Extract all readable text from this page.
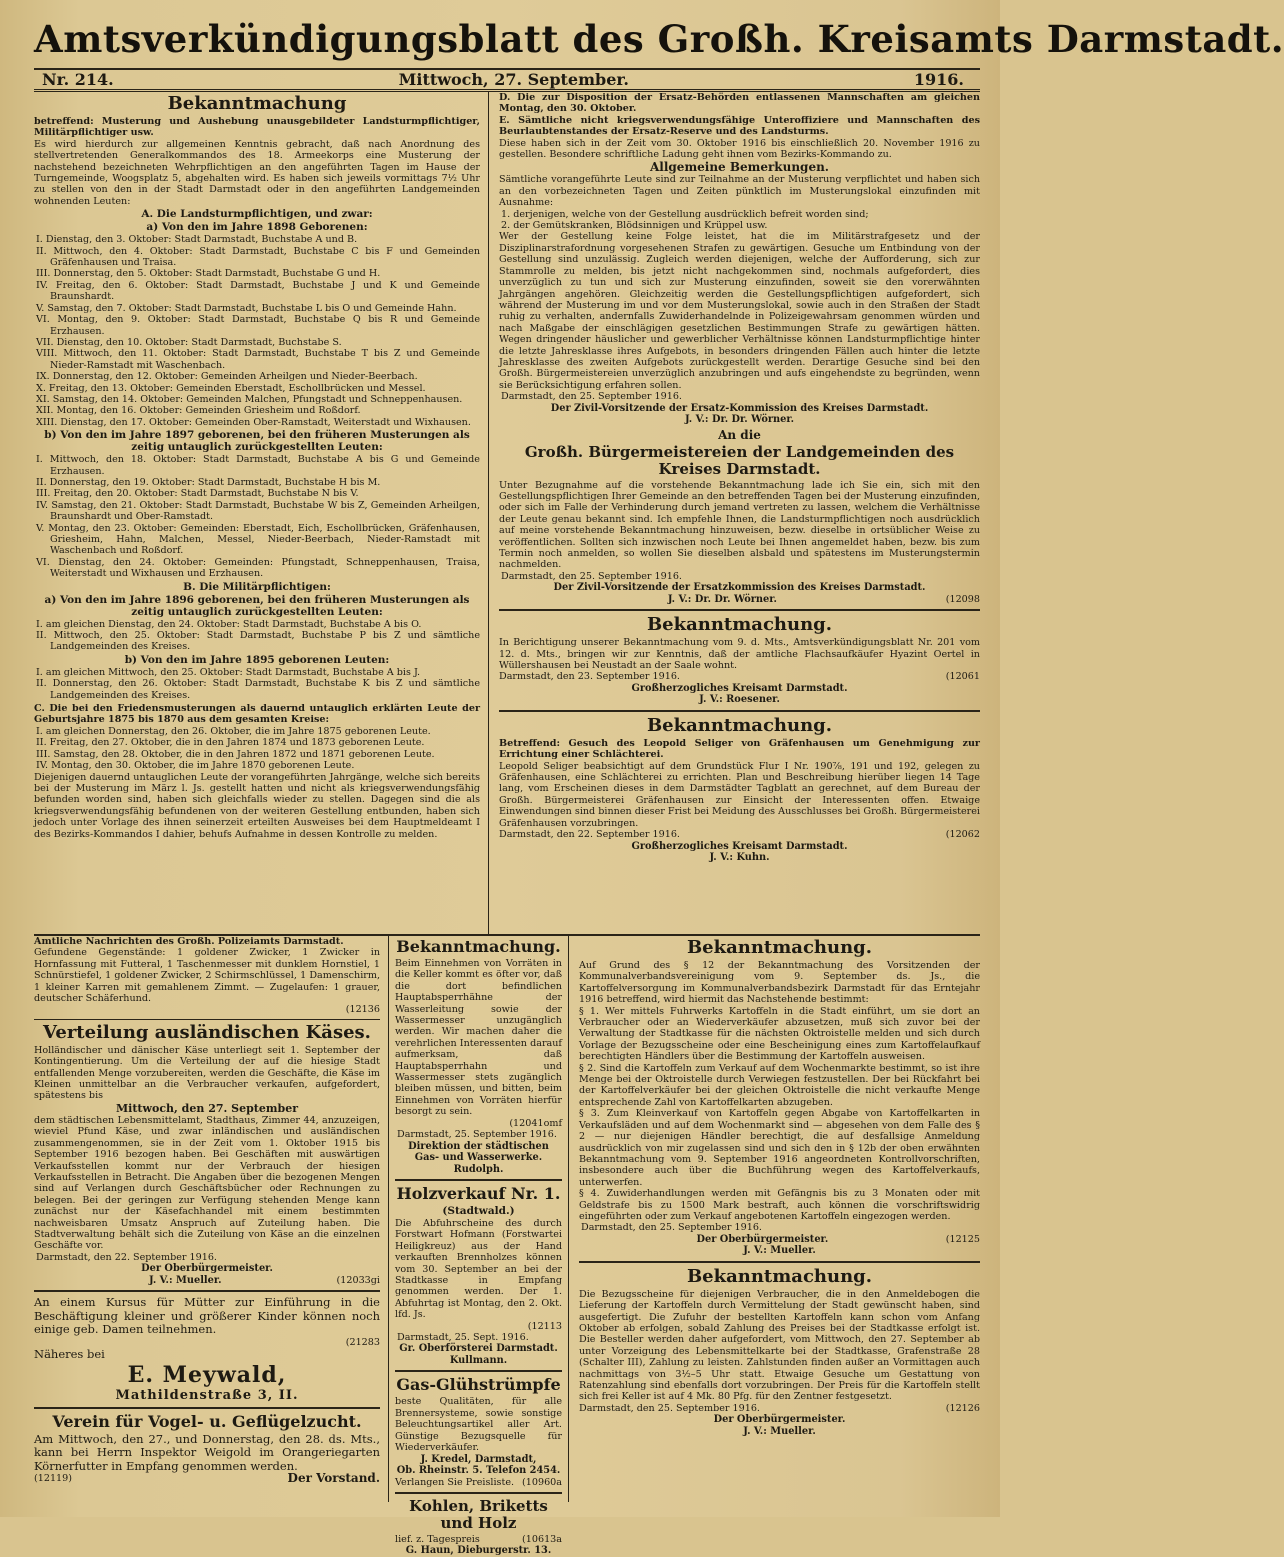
Amtsverkündigungsblatt des Großh. Kreisamts Darmstadt.
Nr. 214.	Mittwoch, 27. September.	1916.
Bekanntmachung

betreffend: Musterung und Aushebung unausgebildeter Landsturmpflichtiger, Militärpflichtiger usw.

Es wird hierdurch zur allgemeinen Kenntnis gebracht, daß nach Anordnung des stellvertretenden Generalkommandos des 18. Armeekorps eine Musterung der nachstehend bezeichneten Wehrpflichtigen an den angeführten Tagen im Hause der Turngemeinde, Woogsplatz 5, abgehalten wird. Es haben sich jeweils vormittags 7½ Uhr zu stellen von den in der Stadt Darmstadt oder in den angeführten Landgemeinden wohnenden Leuten:

A. Die Landsturmpflichtigen, und zwar:
a) Von den im Jahre 1898 Geborenen:

I. Dienstag, den 3. Oktober: Stadt Darmstadt, Buchstabe A und B.

II. Mittwoch, den 4. Oktober: Stadt Darmstadt, Buchstabe C bis F und Gemeinden Gräfenhausen und Traisa.

III. Donnerstag, den 5. Oktober: Stadt Darmstadt, Buchstabe G und H.

IV. Freitag, den 6. Oktober: Stadt Darmstadt, Buchstabe J und K und Gemeinde Braunshardt.

V. Samstag, den 7. Oktober: Stadt Darmstadt, Buchstabe L bis O und Gemeinde Hahn.

VI. Montag, den 9. Oktober: Stadt Darmstadt, Buchstabe Q bis R und Gemeinde Erzhausen.

VII. Dienstag, den 10. Oktober: Stadt Darmstadt, Buchstabe S.

VIII. Mittwoch, den 11. Oktober: Stadt Darmstadt, Buchstabe T bis Z und Gemeinde Nieder-Ramstadt mit Waschenbach.

IX. Donnerstag, den 12. Oktober: Gemeinden Arheilgen und Nieder-Beerbach.

X. Freitag, den 13. Oktober: Gemeinden Eberstadt, Eschollbrücken und Messel.

XI. Samstag, den 14. Oktober: Gemeinden Malchen, Pfungstadt und Schneppenhausen.

XII. Montag, den 16. Oktober: Gemeinden Griesheim und Roßdorf.

XIII. Dienstag, den 17. Oktober: Gemeinden Ober-Ramstadt, Weiterstadt und Wixhausen.

b) Von den im Jahre 1897 geborenen, bei den früheren Musterungen als zeitig untauglich zurückgestellten Leuten:

I. Mittwoch, den 18. Oktober: Stadt Darmstadt, Buchstabe A bis G und Gemeinde Erzhausen.

II. Donnerstag, den 19. Oktober: Stadt Darmstadt, Buchstabe H bis M.

III. Freitag, den 20. Oktober: Stadt Darmstadt, Buchstabe N bis V.

IV. Samstag, den 21. Oktober: Stadt Darmstadt, Buchstabe W bis Z, Gemeinden Arheilgen, Braunshardt und Ober-Ramstadt.

V. Montag, den 23. Oktober: Gemeinden: Eberstadt, Eich, Eschollbrücken, Gräfenhausen, Griesheim, Hahn, Malchen, Messel, Nieder-Beerbach, Nieder-Ramstadt mit Waschenbach und Roßdorf.

VI. Dienstag, den 24. Oktober: Gemeinden: Pfungstadt, Schneppenhausen, Traisa, Weiterstadt und Wixhausen und Erzhausen.

B. Die Militärpflichtigen:
a) Von den im Jahre 1896 geborenen, bei den früheren Musterungen als zeitig untauglich zurückgestellten Leuten:

I. am gleichen Dienstag, den 24. Oktober: Stadt Darmstadt, Buchstabe A bis O.

II. Mittwoch, den 25. Oktober: Stadt Darmstadt, Buchstabe P bis Z und sämtliche Landgemeinden des Kreises.

b) Von den im Jahre 1895 geborenen Leuten:

I. am gleichen Mittwoch, den 25. Oktober: Stadt Darmstadt, Buchstabe A bis J.

II. Donnerstag, den 26. Oktober: Stadt Darmstadt, Buchstabe K bis Z und sämtliche Landgemeinden des Kreises.

C. Die bei den Friedensmusterungen als dauernd untauglich erklärten Leute der Geburtsjahre 1875 bis 1870 aus dem gesamten Kreise:

I. am gleichen Donnerstag, den 26. Oktober, die im Jahre 1875 geborenen Leute.

II. Freitag, den 27. Oktober, die in den Jahren 1874 und 1873 geborenen Leute.

III. Samstag, den 28. Oktober, die in den Jahren 1872 und 1871 geborenen Leute.

IV. Montag, den 30. Oktober, die im Jahre 1870 geborenen Leute.

Diejenigen dauernd untauglichen Leute der vorangeführten Jahrgänge, welche sich bereits bei der Musterung im März l. Js. gestellt hatten und nicht als kriegsverwendungsfähig befunden worden sind, haben sich gleichfalls wieder zu stellen. Dagegen sind die als kriegsverwendungsfähig befundenen von der weiteren Gestellung entbunden, haben sich jedoch unter Vorlage des ihnen seinerzeit erteilten Ausweises bei dem Hauptmeldeamt I des Bezirks-Kommandos I dahier, behufs Aufnahme in dessen Kontrolle zu melden.

D. Die zur Disposition der Ersatz-Behörden entlassenen Mannschaften am gleichen Montag, den 30. Oktober.

E. Sämtliche nicht kriegsverwendungsfähige Unteroffiziere und Mannschaften des Beurlaubtenstandes der Ersatz-Reserve und des Landsturms.

Diese haben sich in der Zeit vom 30. Oktober 1916 bis einschließlich 20. November 1916 zu gestellen. Besondere schriftliche Ladung geht ihnen vom Bezirks-Kommando zu.

Allgemeine Bemerkungen.

Sämtliche vorangeführte Leute sind zur Teilnahme an der Musterung verpflichtet und haben sich an den vorbezeichneten Tagen und Zeiten pünktlich im Musterungslokal einzufinden mit Ausnahme:

1. derjenigen, welche von der Gestellung ausdrücklich befreit worden sind;

2. der Gemütskranken, Blödsinnigen und Krüppel usw.

Wer der Gestellung keine Folge leistet, hat die im Militärstrafgesetz und der Disziplinarstrafordnung vorgesehenen Strafen zu gewärtigen. Gesuche um Entbindung von der Gestellung sind unzulässig. Zugleich werden diejenigen, welche der Aufforderung, sich zur Stammrolle zu melden, bis jetzt nicht nachgekommen sind, nochmals aufgefordert, dies unverzüglich zu tun und sich zur Musterung einzufinden, soweit sie den vorerwähnten Jahrgängen angehören. Gleichzeitig werden die Gestellungspflichtigen aufgefordert, sich während der Musterung im und vor dem Musterungslokal, sowie auch in den Straßen der Stadt ruhig zu verhalten, andernfalls Zuwiderhandelnde in Polizeigewahrsam genommen würden und nach Maßgabe der einschlägigen gesetzlichen Bestimmungen Strafe zu gewärtigen hätten. Wegen dringender häuslicher und gewerblicher Verhältnisse können Landsturmpflichtige hinter die letzte Jahresklasse ihres Aufgebots, in besonders dringenden Fällen auch hinter die letzte Jahresklasse des zweiten Aufgebots zurückgestellt werden. Derartige Gesuche sind bei den Großh. Bürgermeistereien unverzüglich anzubringen und aufs eingehendste zu begründen, wenn sie Berücksichtigung erfahren sollen.

Darmstadt, den 25. September 1916.

Der Zivil-Vorsitzende der Ersatz-Kommission des Kreises Darmstadt.
J. V.: Dr. Dr. Wörner.
An die
Großh. Bürgermeistereien der Landgemeinden des Kreises Darmstadt.

Unter Bezugnahme auf die vorstehende Bekanntmachung lade ich Sie ein, sich mit den Gestellungspflichtigen Ihrer Gemeinde an den betreffenden Tagen bei der Musterung einzufinden, oder sich im Falle der Verhinderung durch jemand vertreten zu lassen, welchem die Verhältnisse der Leute genau bekannt sind. Ich empfehle Ihnen, die Landsturmpflichtigen noch ausdrücklich auf meine vorstehende Bekanntmachung hinzuweisen, bezw. dieselbe in ortsüblicher Weise zu veröffentlichen. Sollten sich inzwischen noch Leute bei Ihnen angemeldet haben, bezw. bis zum Termin noch anmelden, so wollen Sie dieselben alsbald und spätestens im Musterungstermin nachmelden.

Darmstadt, den 25. September 1916.

Der Zivil-Vorsitzende der Ersatzkommission des Kreises Darmstadt.
J. V.: Dr. Dr. Wörner.	(12098
Bekanntmachung.

In Berichtigung unserer Bekanntmachung vom 9. d. Mts., Amtsverkündigungsblatt Nr. 201 vom 12. d. Mts., bringen wir zur Kenntnis, daß der amtliche Flachsaufkäufer Hyazint Oertel in Wüllershausen bei Neustadt an der Saale wohnt.

Darmstadt, den 23. September 1916.	(12061
Großherzogliches Kreisamt Darmstadt.
J. V.: Roesener.
Bekanntmachung.

Betreffend: Gesuch des Leopold Seliger von Gräfenhausen um Genehmigung zur Errichtung einer Schlächterei.

Leopold Seliger beabsichtigt auf dem Grundstück Flur I Nr. 190⅞, 191 und 192, gelegen zu Gräfenhausen, eine Schlächterei zu errichten. Plan und Beschreibung hierüber liegen 14 Tage lang, vom Erscheinen dieses in dem Darmstädter Tagblatt an gerechnet, auf dem Bureau der Großh. Bürgermeisterei Gräfenhausen zur Einsicht der Interessenten offen. Etwaige Einwendungen sind binnen dieser Frist bei Meidung des Ausschlusses bei Großh. Bürgermeisterei Gräfenhausen vorzubringen.

Darmstadt, den 22. September 1916.	(12062
Großherzogliches Kreisamt Darmstadt.
J. V.: Kuhn.

Amtliche Nachrichten des Großh. Polizeiamts Darmstadt.

Gefundene Gegenstände: 1 goldener Zwicker, 1 Zwicker in Hornfassung mit Futteral, 1 Taschenmesser mit dunklem Hornstiel, 1 Schnürstiefel, 1 goldener Zwicker, 2 Schirmschlüssel, 1 Damenschirm, 1 kleiner Karren mit gemahlenem Zimmt. — Zugelaufen: 1 grauer, deutscher Schäferhund.

(12136
Verteilung ausländischen Käses.

Holländischer und dänischer Käse unterliegt seit 1. September der Kontingentierung. Um die Verteilung der auf die hiesige Stadt entfallenden Menge vorzubereiten, werden die Geschäfte, die Käse im Kleinen unmittelbar an die Verbraucher verkaufen, aufgefordert, spätestens bis

Mittwoch, den 27. September

dem städtischen Lebensmittelamt, Stadthaus, Zimmer 44, anzuzeigen, wieviel Pfund Käse, und zwar inländischen und ausländischen zusammengenommen, sie in der Zeit vom 1. Oktober 1915 bis September 1916 bezogen haben. Bei Geschäften mit auswärtigen Verkaufsstellen kommt nur der Verbrauch der hiesigen Verkaufsstellen in Betracht. Die Angaben über die bezogenen Mengen sind auf Verlangen durch Geschäftsbücher oder Rechnungen zu belegen. Bei der geringen zur Verfügung stehenden Menge kann zunächst nur der Käsefachhandel mit einem bestimmten nachweisbaren Umsatz Anspruch auf Zuteilung haben. Die Stadtverwaltung behält sich die Zuteilung von Käse an die einzelnen Geschäfte vor.

Darmstadt, den 22. September 1916.

Der Oberbürgermeister.
J. V.: Mueller.	(12033gi

An einem Kursus für Mütter zur Einführung in die Beschäftigung kleiner und größerer Kinder können noch einige geb. Damen teilnehmen.

(21283

Näheres bei

E. Meywald,
Mathildenstraße 3, II.
Verein für Vogel- u. Geflügelzucht.

Am Mittwoch, den 27., und Donnerstag, den 28. ds. Mts., kann bei Herrn Inspektor Weigold im Orangeriegarten Körnerfutter in Empfang genommen werden.

(12119)	Der Vorstand.
Bekanntmachung.

Beim Einnehmen von Vorräten in die Keller kommt es öfter vor, daß die dort befindlichen Hauptabsperrhähne der Wasserleitung sowie der Wassermesser unzugänglich werden. Wir machen daher die verehrlichen Interessenten darauf aufmerksam, daß Hauptabsperrhahn und Wassermesser stets zugänglich bleiben müssen, und bitten, beim Einnehmen von Vorräten hierfür besorgt zu sein.

(12041omf

Darmstadt, 25. September 1916.

Direktion der städtischen Gas- und Wasserwerke.
Rudolph.
Holzverkauf Nr. 1.
(Stadtwald.)

Die Abfuhrscheine des durch Forstwart Hofmann (Forstwartei Heiligkreuz) aus der Hand verkauften Brennholzes können vom 30. September an bei der Stadtkasse in Empfang genommen werden. Der 1. Abfuhrtag ist Montag, den 2. Okt. lfd. Js.

(12113

Darmstadt, 25. Sept. 1916.

Gr. Oberförsterei Darmstadt.
Kullmann.
Gas-Glühstrümpfe

beste Qualitäten, für alle Brennersysteme, sowie sonstige Beleuchtungsartikel aller Art. Günstige Bezugsquelle für Wiederverkäufer.

J. Kredel, Darmstadt,
Ob. Rheinstr. 5. Telefon 2454.
Verlangen Sie Preisliste. (10960a
Kohlen, Briketts und Holz
lief. z. Tagespreis	(10613a
G. Haun, Dieburgerstr. 13.
Bekanntmachung.

Auf Grund des § 12 der Bekanntmachung des Vorsitzenden der Kommunalverbandsvereinigung vom 9. September ds. Js., die Kartoffelversorgung im Kommunalverbandsbezirk Darmstadt für das Erntejahr 1916 betreffend, wird hiermit das Nachstehende bestimmt:

§ 1. Wer mittels Fuhrwerks Kartoffeln in die Stadt einführt, um sie dort an Verbraucher oder an Wiederverkäufer abzusetzen, muß sich zuvor bei der Verwaltung der Stadtkasse für die nächsten Oktroistelle melden und sich durch Vorlage der Bezugsscheine oder eine Bescheinigung eines zum Kartoffelaufkauf berechtigten Händlers über die Bestimmung der Kartoffeln ausweisen.

§ 2. Sind die Kartoffeln zum Verkauf auf dem Wochenmarkte bestimmt, so ist ihre Menge bei der Oktroistelle durch Verwiegen festzustellen. Der bei Rückfahrt bei der Kartoffelverkäufer bei der gleichen Oktroistelle die nicht verkaufte Menge entsprechende Zahl von Kartoffelkarten abzugeben.

§ 3. Zum Kleinverkauf von Kartoffeln gegen Abgabe von Kartoffelkarten in Verkaufsläden und auf dem Wochenmarkt sind — abgesehen von dem Falle des § 2 — nur diejenigen Händler berechtigt, die auf desfallsige Anmeldung ausdrücklich von mir zugelassen sind und sich den in § 12b der oben erwähnten Bekanntmachung vom 9. September 1916 angeordneten Kontrollvorschriften, insbesondere auch über die Buchführung wegen des Kartoffelverkaufs, unterwerfen.

§ 4. Zuwiderhandlungen werden mit Gefängnis bis zu 3 Monaten oder mit Geldstrafe bis zu 1500 Mark bestraft, auch können die vorschriftswidrig eingeführten oder zum Verkauf angebotenen Kartoffeln eingezogen werden.

Darmstadt, den 25. September 1916.

Der Oberbürgermeister.	(12125
J. V.: Mueller.
Bekanntmachung.

Die Bezugsscheine für diejenigen Verbraucher, die in den Anmeldebogen die Lieferung der Kartoffeln durch Vermittelung der Stadt gewünscht haben, sind ausgefertigt. Die Zufuhr der bestellten Kartoffeln kann schon vom Anfang Oktober ab erfolgen, sobald Zahlung des Preises bei der Stadtkasse erfolgt ist. Die Besteller werden daher aufgefordert, vom Mittwoch, den 27. September ab unter Vorzeigung des Lebensmittelkarte bei der Stadtkasse, Grafenstraße 28 (Schalter III), Zahlung zu leisten. Zahlstunden finden außer an Vormittagen auch nachmittags von 3½–5 Uhr statt. Etwaige Gesuche um Gestattung von Ratenzahlung sind ebenfalls dort vorzubringen. Der Preis für die Kartoffeln stellt sich frei Keller ist auf 4 Mk. 80 Pfg. für den Zentner festgesetzt.

Darmstadt, den 25. September 1916.	(12126
Der Oberbürgermeister.
J. V.: Mueller.
